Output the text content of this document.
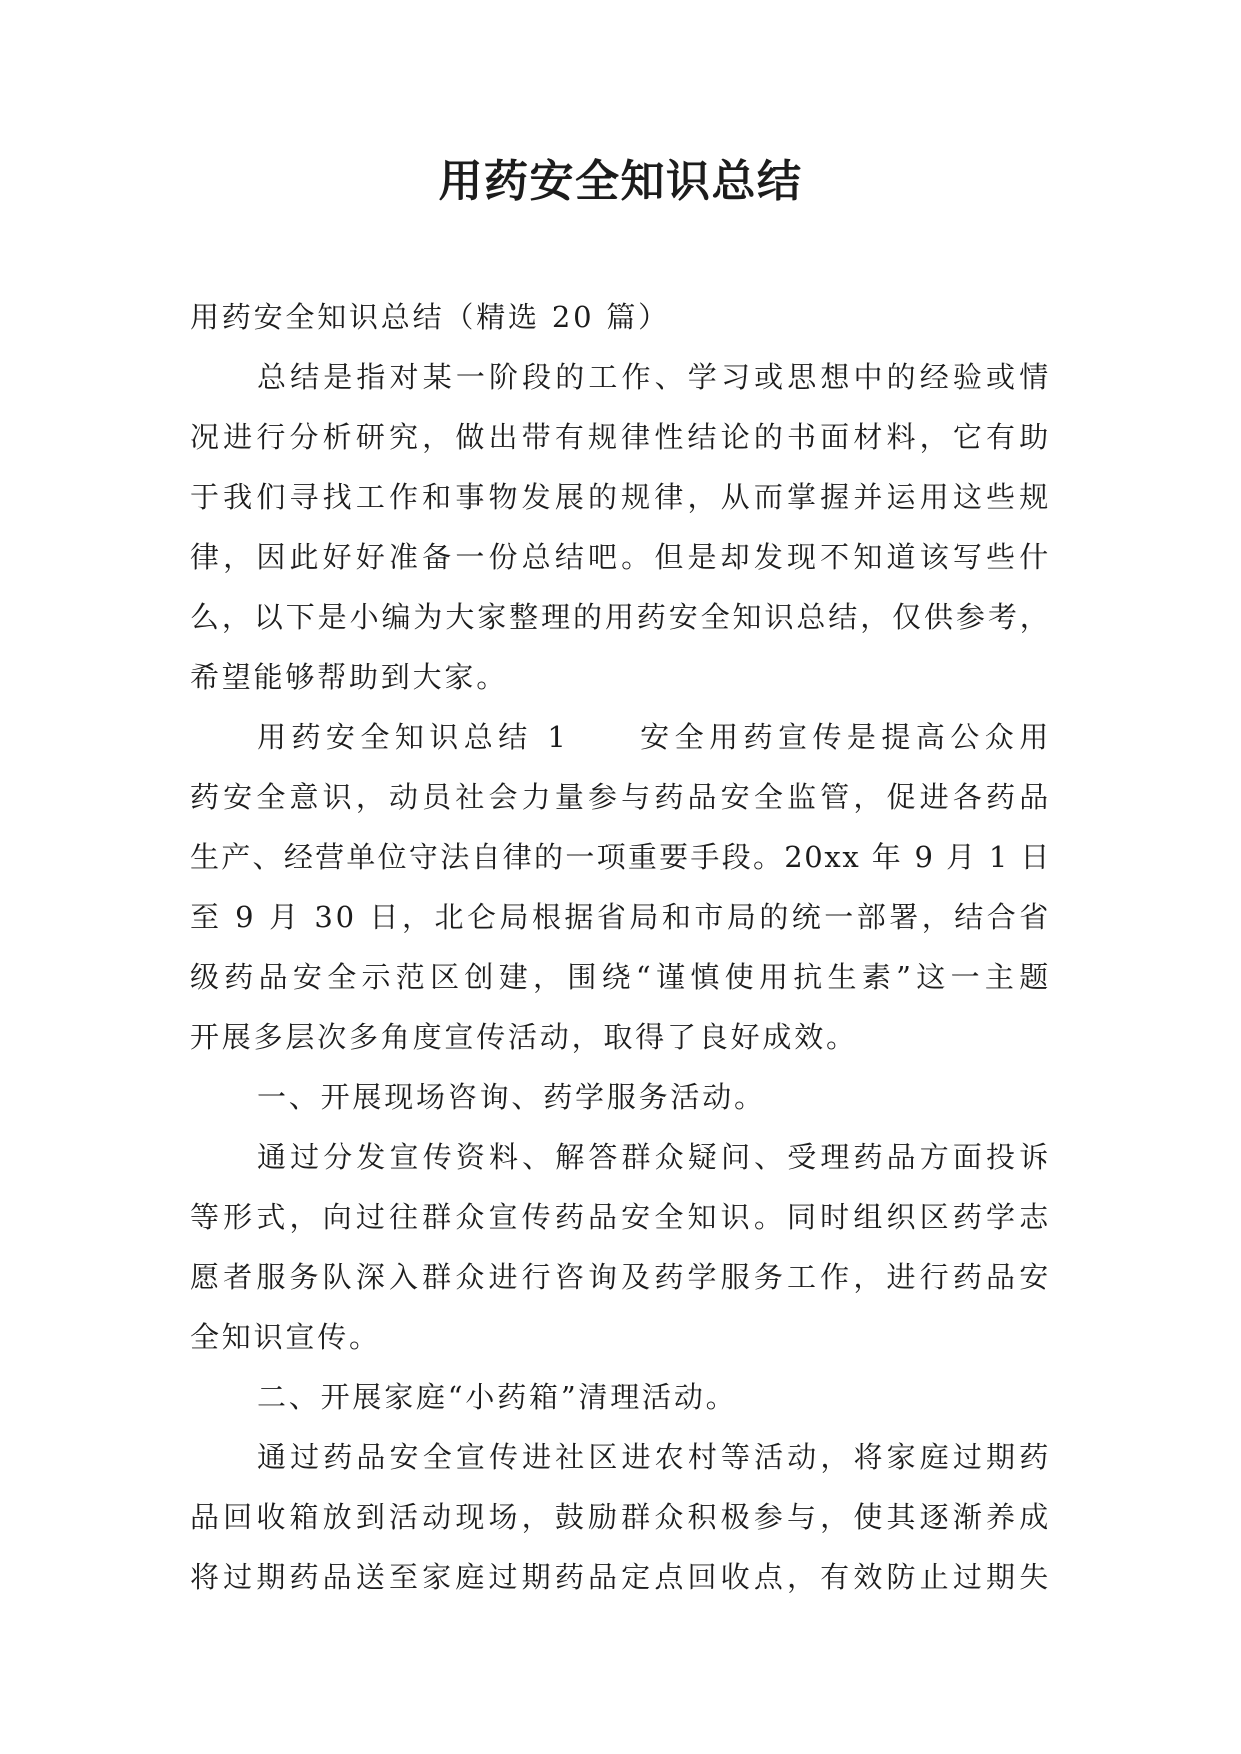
用药安全知识总结
用药安全知识总结（精选 20 篇）
总结是指对某一阶段的工作、学习或思想中的经验或情
况进行分析研究，做出带有规律性结论的书面材料，它有助
于我们寻找工作和事物发展的规律，从而掌握并运用这些规
律，因此好好准备一份总结吧。但是却发现不知道该写些什
么，以下是小编为大家整理的用药安全知识总结，仅供参考，
希望能够帮助到大家。
用药安全知识总结 1　　安全用药宣传是提高公众用
药安全意识，动员社会力量参与药品安全监管，促进各药品
生产、经营单位守法自律的一项重要手段。20xx 年 9 月 1 日
至 9 月 30 日，北仑局根据省局和市局的统一部署，结合省
级药品安全示范区创建，围绕“谨慎使用抗生素”这一主题
开展多层次多角度宣传活动，取得了良好成效。
一、开展现场咨询、药学服务活动。
通过分发宣传资料、解答群众疑问、受理药品方面投诉
等形式，向过往群众宣传药品安全知识。同时组织区药学志
愿者服务队深入群众进行咨询及药学服务工作，进行药品安
全知识宣传。
二、开展家庭“小药箱”清理活动。
通过药品安全宣传进社区进农村等活动，将家庭过期药
品回收箱放到活动现场，鼓励群众积极参与，使其逐渐养成
将过期药品送至家庭过期药品定点回收点，有效防止过期失
